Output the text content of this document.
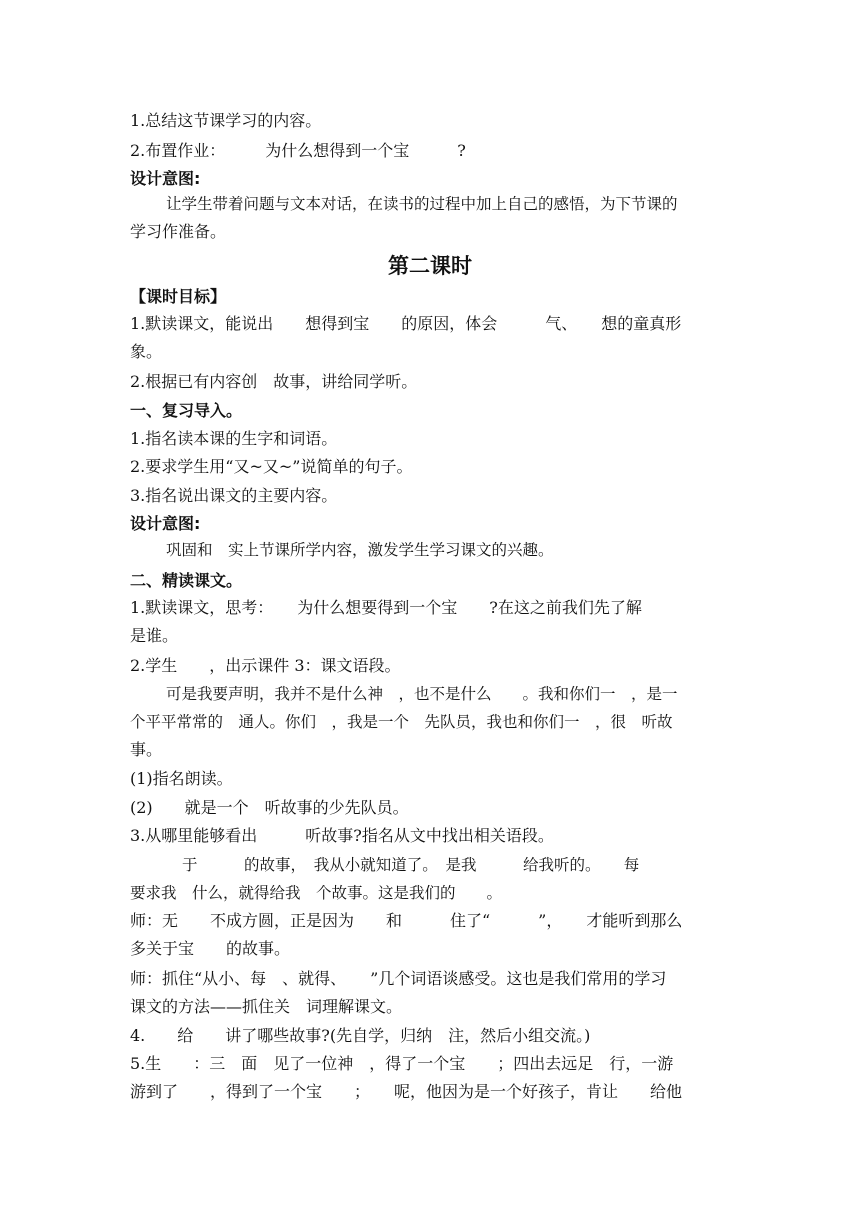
1.总结这节课学习的内容。
2.布置作业：　　　为什么想得到一个宝　　　?
设计意图:
让学生带着问题与文本对话，在读书的过程中加上自己的感悟，为下节课的
学习作准备。
第二课时
【课时目标】
1.默读课文，能说出　　想得到宝　　的原因，体会　　　气、　　想的童真形
象。
2.根据已有内容创　故事，讲给同学听。
一、复习导入。
1.指名读本课的生字和词语。
2.要求学生用“又~又~”说简单的句子。
3.指名说出课文的主要内容。
设计意图:
巩固和　实上节课所学内容，激发学生学习课文的兴趣。
二、精读课文。
1.默读课文，思考：　　为什么想要得到一个宝　　?在这之前我们先了解
是谁。
2.学生　　，出示课件 3：课文语段。
可是我要声明，我并不是什么神　，也不是什么　　。我和你们一　，是一
个平平常常的　通人。你们　，我是一个　先队员，我也和你们一　，很　听故
事。
(1)指名朗读。
(2)　　就是一个　听故事的少先队员。
3.从哪里能够看出　　　听故事?指名从文中找出相关语段。
于　　　的故事，　我从小就知道了。　是我　　　给我听的。　　每
要求我　什么，就得给我　个故事。这是我们的　　。
师：无　　不成方圆，正是因为　　和　　　住了“　　　”，　　才能听到那么
多关于宝　　的故事。
师：抓住“从小、每　、就得、　　”几个词语谈感受。这也是我们常用的学习
课文的方法——抓住关　词理解课文。
4.　　给　　讲了哪些故事?(先自学，归纳　注，然后小组交流。)
5.生　　：三　面　见了一位神　，得了一个宝　　；四出去远足　行，一游
游到了　　，得到了一个宝　　；　　呢，他因为是一个好孩子，肯让　　给他
